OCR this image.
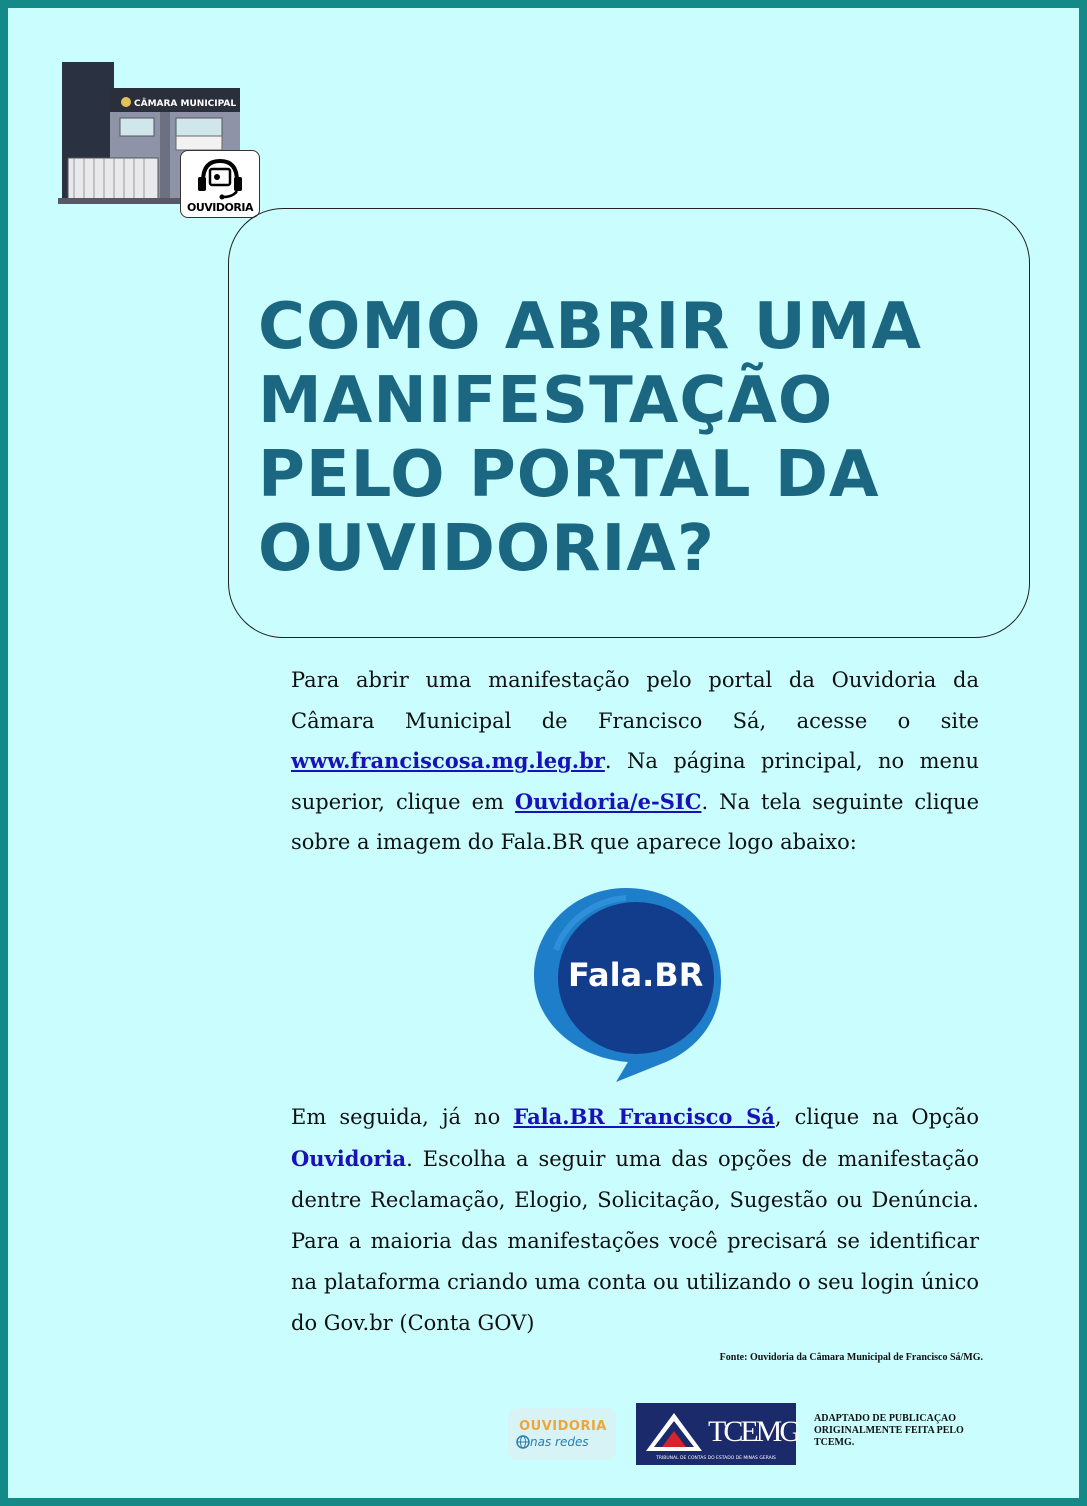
CÂMARA MUNICIPAL
OUVIDORIA
COMO ABRIR UMA
MANIFESTAÇÃO
PELO PORTAL DA
OUVIDORIA?

Para abrir uma manifestação pelo portal da Ouvidoria da Câmara Municipal de Francisco Sá, acesse o site www.franciscosa.mg.leg.br. Na página principal, no menu superior, clique em Ouvidoria/e-SIC. Na tela seguinte clique sobre a imagem do Fala.BR que aparece logo abaixo:

Fala.BR

Em seguida, já no Fala.BR Francisco Sá, clique na Opção Ouvidoria. Escolha a seguir uma das opções de manifestação dentre Reclamação, Elogio, Solicitação, Sugestão ou Denúncia. Para a maioria das manifestações você precisará se identificar na plataforma criando uma conta ou utilizando o seu login único do Gov.br (Conta GOV)

Fonte: Ouvidoria da Câmara Municipal de Francisco Sá/MG.
OUVIDORIA
nas redes	TCEMG
TRIBUNAL DE CONTAS DO ESTADO DE MINAS GERAIS
ADAPTADO DE PUBLICAÇAO ORIGINALMENTE FEITA PELO TCEMG.
